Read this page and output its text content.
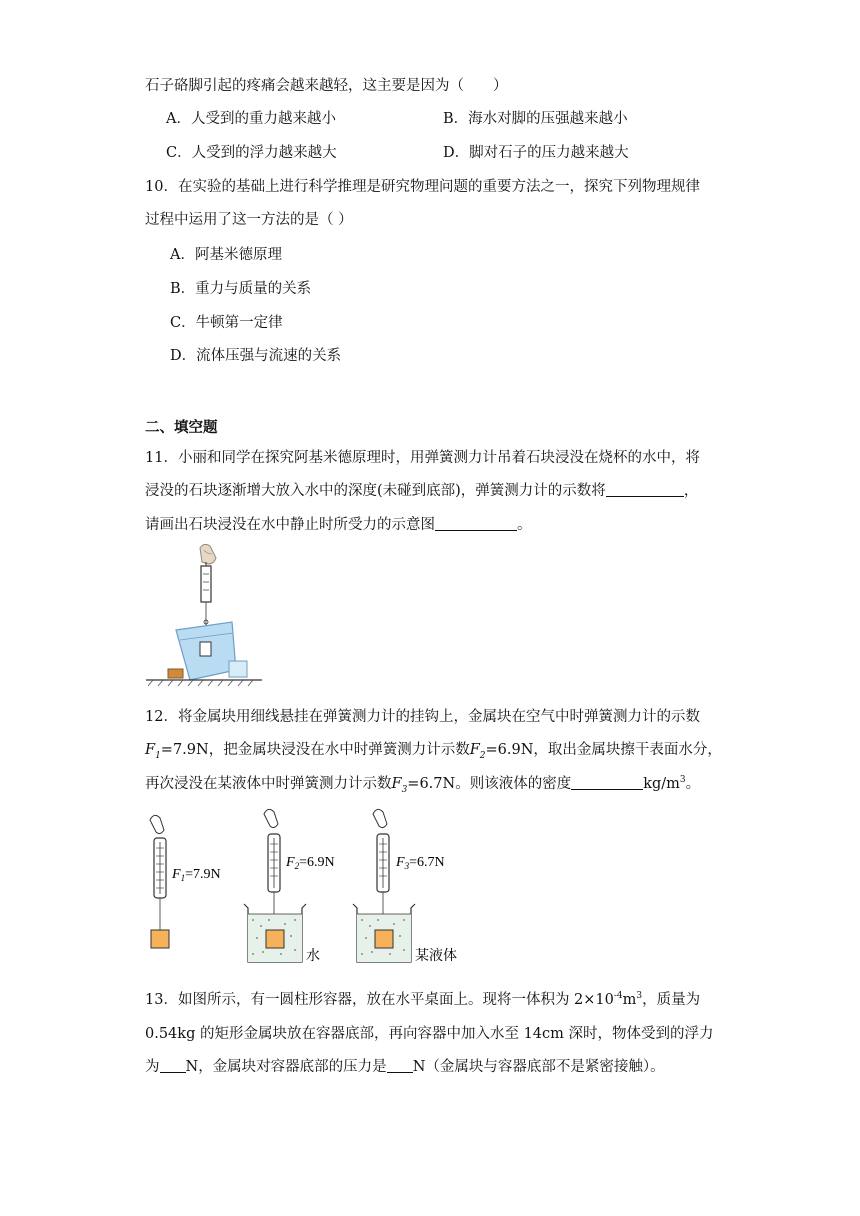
石子硌脚引起的疼痛会越来越轻，这主要是因为（　　）
A．人受到的重力越来越小	B．海水对脚的压强越来越小
C．人受到的浮力越来越大	D．脚对石子的压力越来越大
10．在实验的基础上进行科学推理是研究物理问题的重要方法之一，探究下列物理规律
过程中运用了这一方法的是（ ）
A．阿基米德原理
B．重力与质量的关系
C．牛顿第一定律
D．流体压强与流速的关系
二、填空题
11．小丽和同学在探究阿基米德原理时，用弹簧测力计吊着石块浸没在烧杯的水中，将
浸没的石块逐渐增大放入水中的深度(未碰到底部)，弹簧测力计的示数将	，
请画出石块浸没在水中静止时所受力的示意图	。
12．将金属块用细线悬挂在弹簧测力计的挂钩上，金属块在空气中时弹簧测力计的示数
$F_1=7.9N$，把金属块浸没在水中时弹簧测力计示数$F_2=6.9N$，取出金属块擦干表面水分，
再次浸没在某液体中时弹簧测力计示数$F_3=6.7N$。则该液体的密度	$kg/m^3$。
$F_1=7.9N$
$F_2=6.9N$
水
$F_3=6.7N$
某液体
13．如图所示，有一圆柱形容器，放在水平桌面上。现将一体积为 $2\times 10^{-4}m^3$，质量为
0.54kg 的矩形金属块放在容器底部，再向容器中加入水至 14cm 深时，物体受到的浮力
为 N，金属块对容器底部的压力是 N（金属块与容器底部不是紧密接触）。
